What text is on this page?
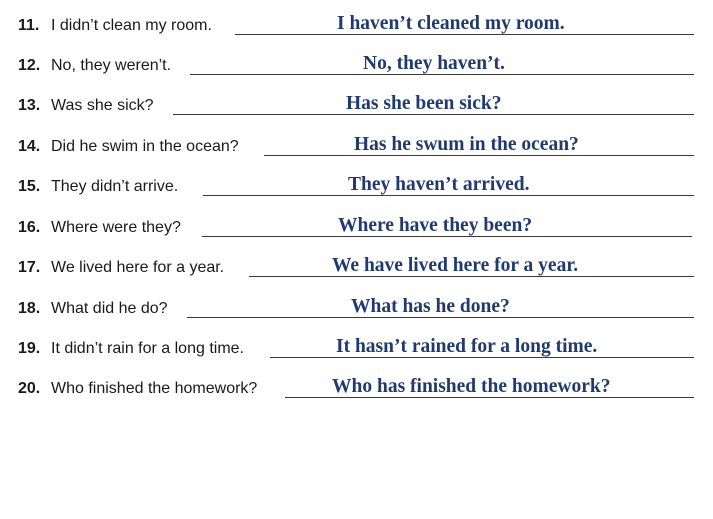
11. I didn’t clean my room.	I haven’t cleaned my room.
12. No, they weren’t.	No, they haven’t.
13. Was she sick?	Has she been sick?
14. Did he swim in the ocean?	Has he swum in the ocean?
15. They didn’t arrive.	They haven’t arrived.
16. Where were they?	Where have they been?
17. We lived here for a year.	We have lived here for a year.
18. What did he do?	What has he done?
19. It didn’t rain for a long time.	It hasn’t rained for a long time.
20. Who finished the homework?	Who has finished the homework?
